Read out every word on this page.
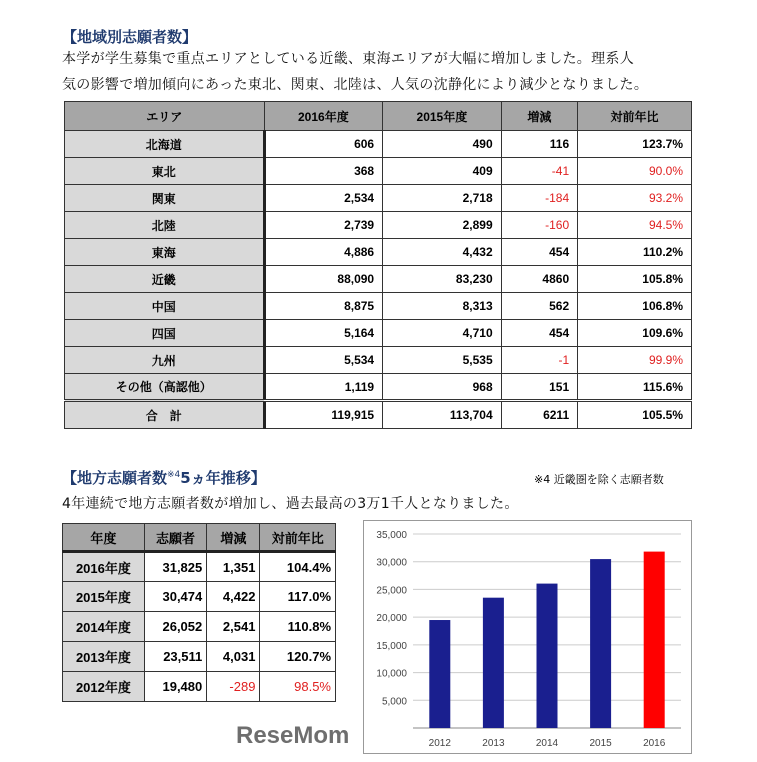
【地域別志願者数】
本学が学生募集で重点エリアとしている近畿、東海エリアが大幅に増加しました。理系人
気の影響で増加傾向にあった東北、関東、北陸は、人気の沈静化により減少となりました。
エリア	2016年度	2015年度	増減	対前年比
北海道	606	490	116	123.7%
東北	368	409	-41	90.0%
関東	2,534	2,718	-184	93.2%
北陸	2,739	2,899	-160	94.5%
東海	4,886	4,432	454	110.2%
近畿	88,090	83,230	4860	105.8%
中国	8,875	8,313	562	106.8%
四国	5,164	4,710	454	109.6%
九州	5,534	5,535	-1	99.9%
その他（高認他）	1,119	968	151	115.6%
合　計	119,915	113,704	6211	105.5%
【地方志願者数$^{※4}$5ヵ年推移】	※4 近畿圏を除く志願者数
4年連続で地方志願者数が増加し、過去最高の3万1千人となりました。
年度	志願者	増減	対前年比
2016年度	31,825	1,351	104.4%
2015年度	30,474	4,422	117.0%
2014年度	26,052	2,541	110.8%
2013年度	23,511	4,031	120.7%
2012年度	19,480	-289	98.5%
5,000
10,000
15,000
20,000
25,000
30,000
35,000
2012	2013	2014	2015	2016
ReseMom
